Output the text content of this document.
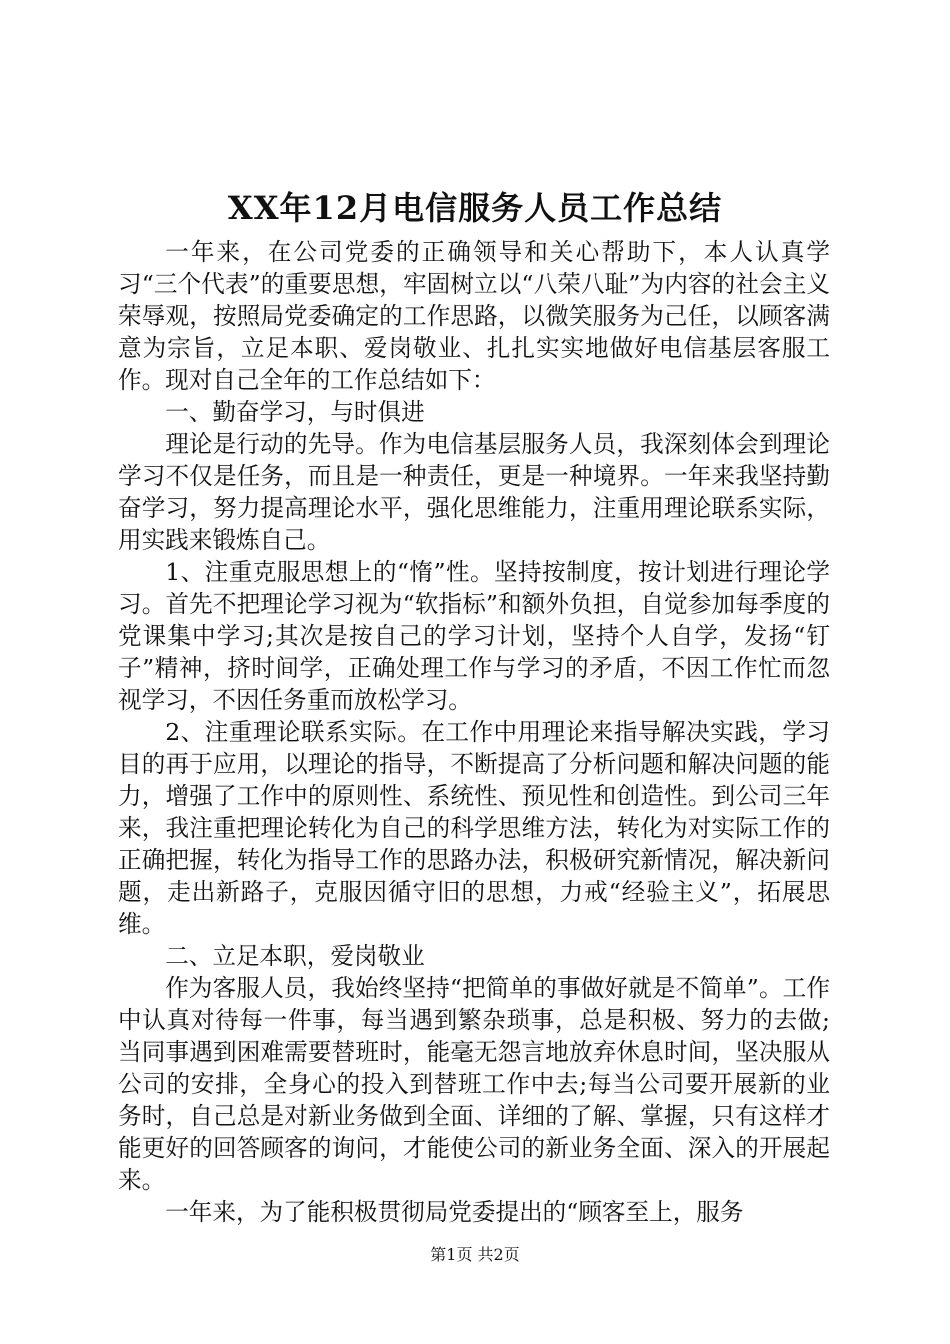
XX年12月电信服务人员工作总结

一年来，在公司党委的正确领导和关心帮助下，本人认真学习“三个代表”的重要思想，牢固树立以“八荣八耻”为内容的社会主义荣辱观，按照局党委确定的工作思路，以微笑服务为己任，以顾客满意为宗旨，立足本职、爱岗敬业、扎扎实实地做好电信基层客服工作。现对自己全年的工作总结如下：

一、勤奋学习，与时俱进

理论是行动的先导。作为电信基层服务人员，我深刻体会到理论学习不仅是任务，而且是一种责任，更是一种境界。一年来我坚持勤奋学习，努力提高理论水平，强化思维能力，注重用理论联系实际，用实践来锻炼自己。

1、注重克服思想上的“惰”性。坚持按制度，按计划进行理论学习。首先不把理论学习视为“软指标”和额外负担，自觉参加每季度的党课集中学习;其次是按自己的学习计划，坚持个人自学，发扬“钉子”精神，挤时间学，正确处理工作与学习的矛盾，不因工作忙而忽视学习，不因任务重而放松学习。

2、注重理论联系实际。在工作中用理论来指导解决实践，学习目的再于应用，以理论的指导，不断提高了分析问题和解决问题的能力，增强了工作中的原则性、系统性、预见性和创造性。到公司三年来，我注重把理论转化为自己的科学思维方法，转化为对实际工作的正确把握，转化为指导工作的思路办法，积极研究新情况，解决新问题，走出新路子，克服因循守旧的思想，力戒“经验主义”，拓展思维。

二、立足本职，爱岗敬业

作为客服人员，我始终坚持“把简单的事做好就是不简单”。工作中认真对待每一件事，每当遇到繁杂琐事，总是积极、努力的去做;当同事遇到困难需要替班时，能毫无怨言地放弃休息时间，坚决服从公司的安排，全身心的投入到替班工作中去;每当公司要开展新的业务时，自己总是对新业务做到全面、详细的了解、掌握，只有这样才能更好的回答顾客的询问，才能使公司的新业务全面、深入的开展起来。

一年来，为了能积极贯彻局党委提出的“顾客至上，服务

第1页 共2页
